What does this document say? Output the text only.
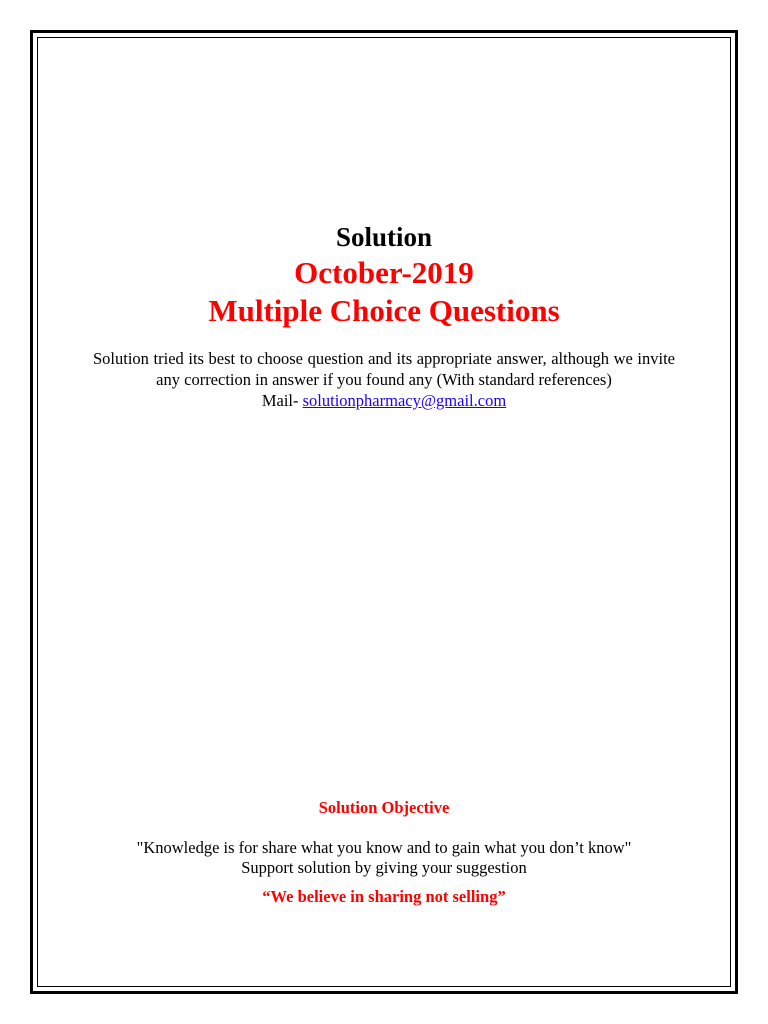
Solution

October-2019

Multiple Choice Questions

Solution tried its best to choose question and its appropriate answer, although we invite any correction in answer if you found any (With standard references)

Mail- solutionpharmacy@gmail.com

Solution Objective

"Knowledge is for share what you know and to gain what you don’t know"

Support solution by giving your suggestion

“We believe in sharing not selling”
